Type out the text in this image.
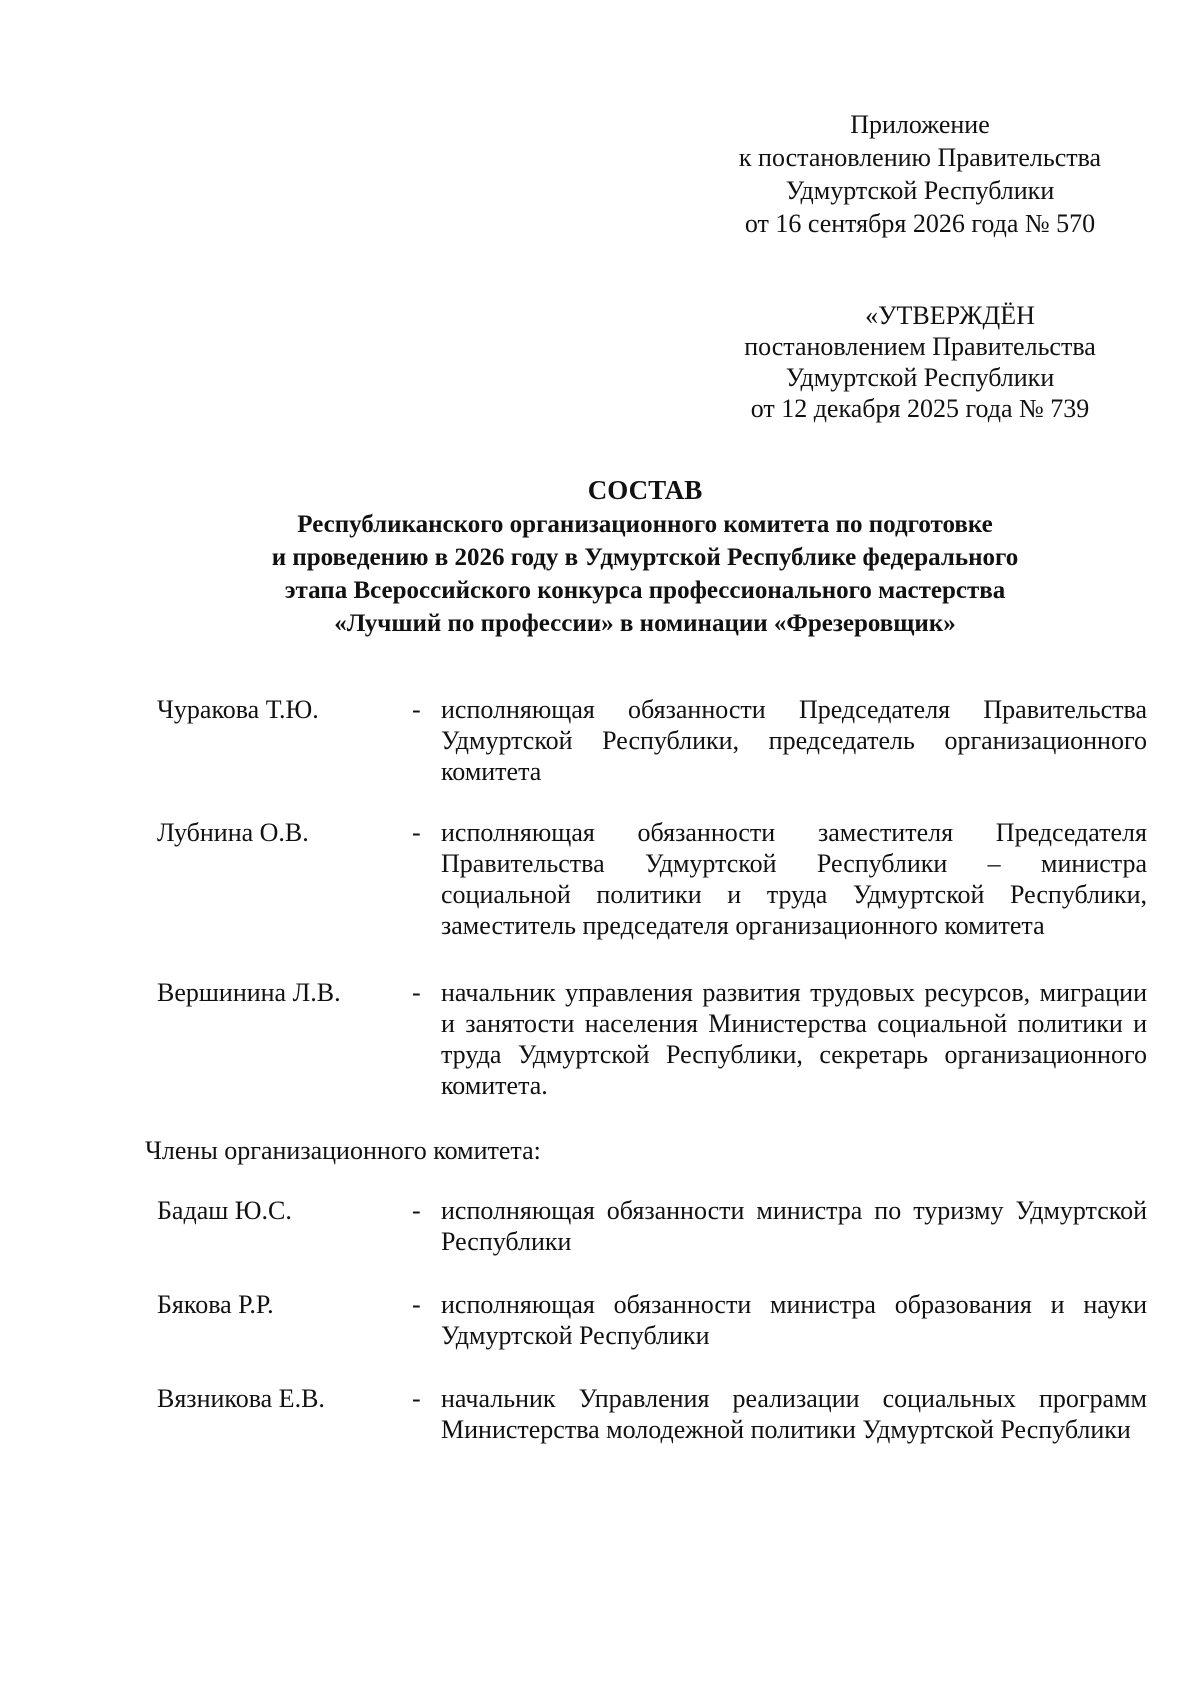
Приложение
к постановлению Правительства
Удмуртской Республики
от 16 сентября 2026 года № 570
«УТВЕРЖДЁН
постановлением Правительства
Удмуртской Республики
от 12 декабря 2025 года № 739
СОСТАВ
Республиканского организационного комитета по подготовке
и проведению в 2026 году в Удмуртской Республике федерального
этапа Всероссийского конкурса профессионального мастерства
«Лучший по профессии» в номинации «Фрезеровщик»
Чуракова Т.Ю.	- исполняющая обязанности Председателя Правительства Удмуртской Республики, председатель организационного комитета
Лубнина О.В.	- исполняющая обязанности заместителя Председателя Правительства Удмуртской Республики – министра социальной политики и труда Удмуртской Республики, заместитель председателя организационного комитета
Вершинина Л.В.	- начальник управления развития трудовых ресурсов, миграции и занятости населения Министерства социальной политики и труда Удмуртской Республики, секретарь организационного комитета.
Члены организационного комитета:
Бадаш Ю.С.	- исполняющая обязанности министра по туризму Удмуртской Республики
Бякова Р.Р.	- исполняющая обязанности министра образования и науки Удмуртской Республики
Вязникова Е.В.	- начальник Управления реализации социальных программ Министерства молодежной политики Удмуртской Республики
